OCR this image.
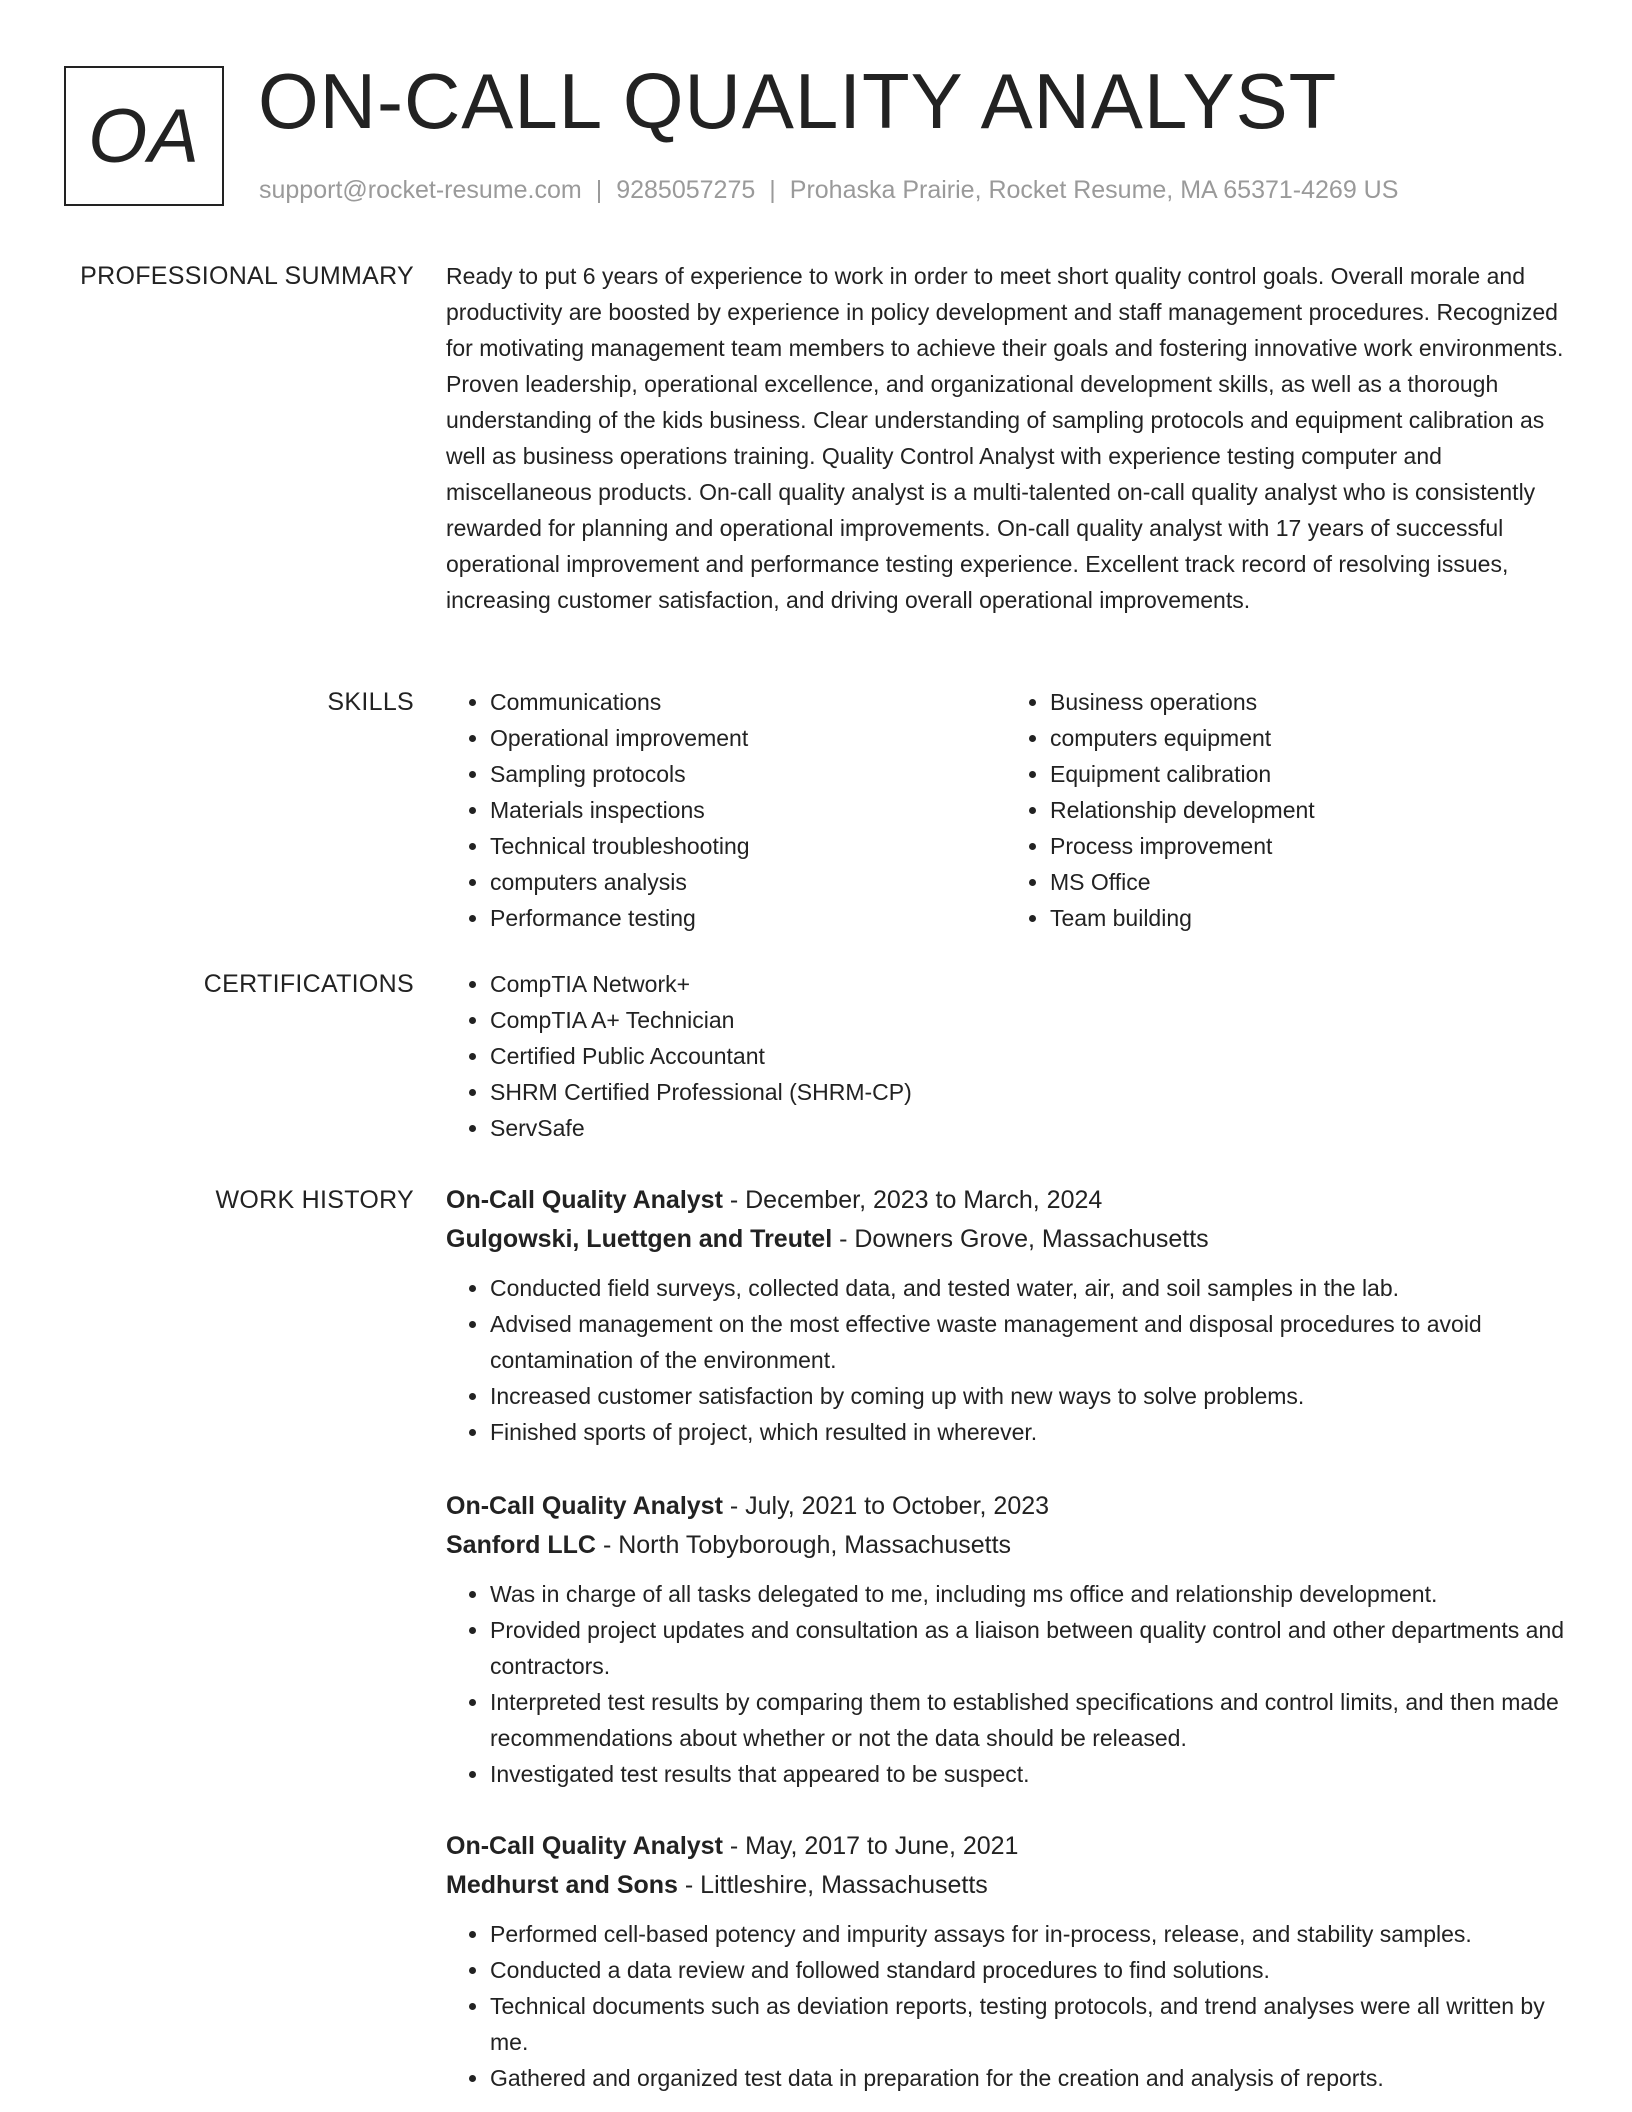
OA ON-CALL QUALITY ANALYST
support@rocket-resume.com | 9285057275 | Prohaska Prairie, Rocket Resume, MA 65371-4269 US
PROFESSIONAL SUMMARY Ready to put 6 years of experience to work in order to meet short quality control goals. Overall morale and productivity are boosted by experience in policy development and staff management procedures. Recognized for motivating management team members to achieve their goals and fostering innovative work environments. Proven leadership, operational excellence, and organizational development skills, as well as a thorough understanding of the kids business. Clear understanding of sampling protocols and equipment calibration as well as business operations training. Quality Control Analyst with experience testing computer and miscellaneous products. On-call quality analyst is a multi-talented on-call quality analyst who is consistently rewarded for planning and operational improvements. On-call quality analyst with 17 years of successful operational improvement and performance testing experience. Excellent track record of resolving issues, increasing customer satisfaction, and driving overall operational improvements.

SKILLS	• Communications
• Operational improvement
• Sampling protocols
• Materials inspections
• Technical troubleshooting
• computers analysis
• Performance testing
• Business operations
• computers equipment
• Equipment calibration
• Relationship development
• Process improvement
• MS Office
• Team building
CERTIFICATIONS	• CompTIA Network+
• CompTIA A+ Technician
• Certified Public Accountant
• SHRM Certified Professional (SHRM-CP)
• ServSafe
WORK HISTORY On-Call Quality Analyst - December, 2023 to March, 2024
Gulgowski, Luettgen and Treutel - Downers Grove, Massachusetts
• Conducted field surveys, collected data, and tested water, air, and soil samples in the lab.
• Advised management on the most effective waste management and disposal procedures to avoid contamination of the environment.
• Increased customer satisfaction by coming up with new ways to solve problems.
• Finished sports of project, which resulted in wherever.
On-Call Quality Analyst - July, 2021 to October, 2023
Sanford LLC - North Tobyborough, Massachusetts
• Was in charge of all tasks delegated to me, including ms office and relationship development.
• Provided project updates and consultation as a liaison between quality control and other departments and contractors.
• Interpreted test results by comparing them to established specifications and control limits, and then made recommendations about whether or not the data should be released.
• Investigated test results that appeared to be suspect.
On-Call Quality Analyst - May, 2017 to June, 2021
Medhurst and Sons - Littleshire, Massachusetts
• Performed cell-based potency and impurity assays for in-process, release, and stability samples.
• Conducted a data review and followed standard procedures to find solutions.
• Technical documents such as deviation reports, testing protocols, and trend analyses were all written by me.
• Gathered and organized test data in preparation for the creation and analysis of reports.
